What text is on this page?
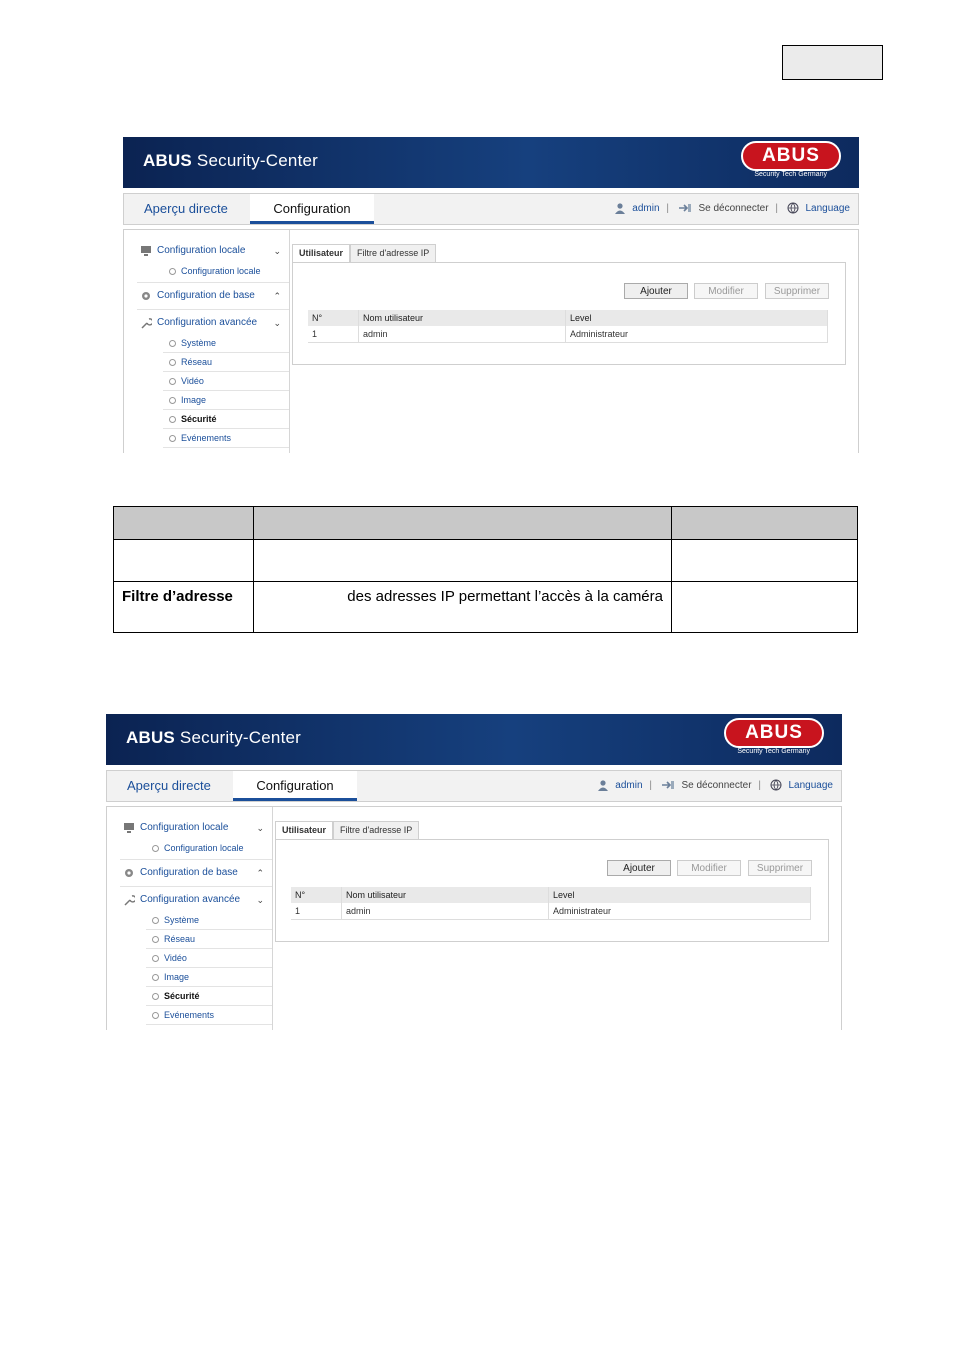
ABUS Security-Center	ABUS
Security Tech Germany
Aperçu directe	Configuration	admin |	Se déconnecter |	Language
Configuration locale	⌄
Configuration locale
Configuration de base ⌃
Configuration avancée ⌄
Système
Réseau
Vidéo
Image
Sécurité
Evénements
Utilisateur	Filtre d'adresse IP
Ajouter	Modifier	Supprimer
N°	Nom utilisateur	Level
1	admin	Administrateur

Filtre d’adresse	des adresses IP permettant l’accès à la caméra	
ABUS Security-Center	ABUS
Security Tech Germany
Aperçu directe	Configuration	admin |	Se déconnecter |	Language
Configuration locale	⌄
Configuration locale
Configuration de base ⌃
Configuration avancée ⌄
Système
Réseau
Vidéo
Image
Sécurité
Evénements
Utilisateur	Filtre d'adresse IP
Ajouter	Modifier	Supprimer
N°	Nom utilisateur	Level
1	admin	Administrateur
